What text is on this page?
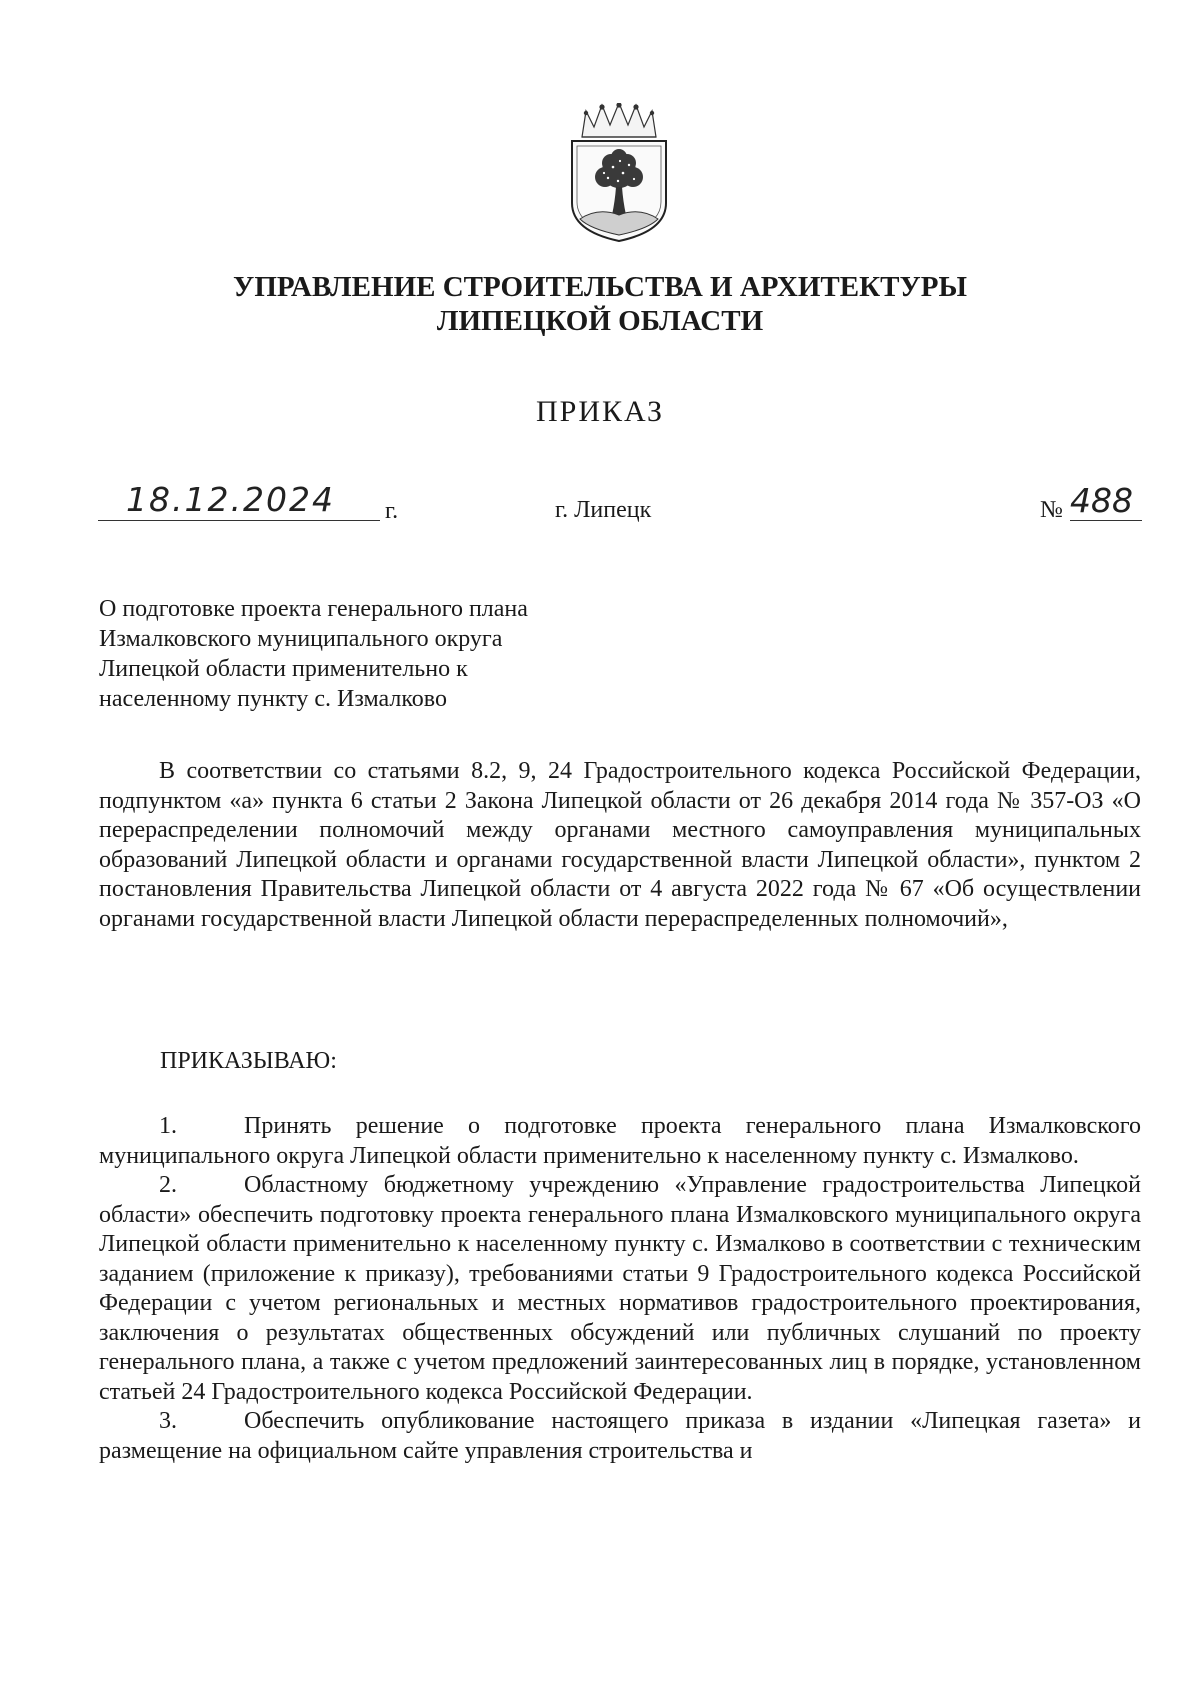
УПРАВЛЕНИЕ СТРОИТЕЛЬСТВА И АРХИТЕКТУРЫ
ЛИПЕЦКОЙ ОБЛАСТИ
ПРИКАЗ
18.12.2024 г.	г. Липецк	№ 488
О подготовке проекта генерального плана
Измалковского муниципального округа
Липецкой области применительно к
населенному пункту с. Измалково

В соответствии со статьями 8.2, 9, 24 Градостроительного кодекса Российской Федерации, подпунктом «а» пункта 6 статьи 2 Закона Липецкой области от 26 декабря 2014 года № 357-ОЗ «О перераспределении полномочий между органами местного самоуправления муниципальных образований Липецкой области и органами государственной власти Липецкой области», пунктом 2 постановления Правительства Липецкой области от 4 августа 2022 года № 67 «Об осуществлении органами государственной власти Липецкой области перераспределенных полномочий»,

ПРИКАЗЫВАЮ:

1.	Принять решение о подготовке проекта генерального плана Измалковского муниципального округа Липецкой области применительно к населенному пункту с. Измалково.

2.	Областному бюджетному учреждению «Управление градостроительства Липецкой области» обеспечить подготовку проекта генерального плана Измалковского муниципального округа Липецкой области применительно к населенному пункту с. Измалково в соответствии с техническим заданием (приложение к приказу), требованиями статьи 9 Градостроительного кодекса Российской Федерации с учетом региональных и местных нормативов градостроительного проектирования, заключения о результатах общественных обсуждений или публичных слушаний по проекту генерального плана, а также с учетом предложений заинтересованных лиц в порядке, установленном статьей 24 Градостроительного кодекса Российской Федерации.

3.	Обеспечить опубликование настоящего приказа в издании «Липецкая газета» и размещение на официальном сайте управления строительства и
